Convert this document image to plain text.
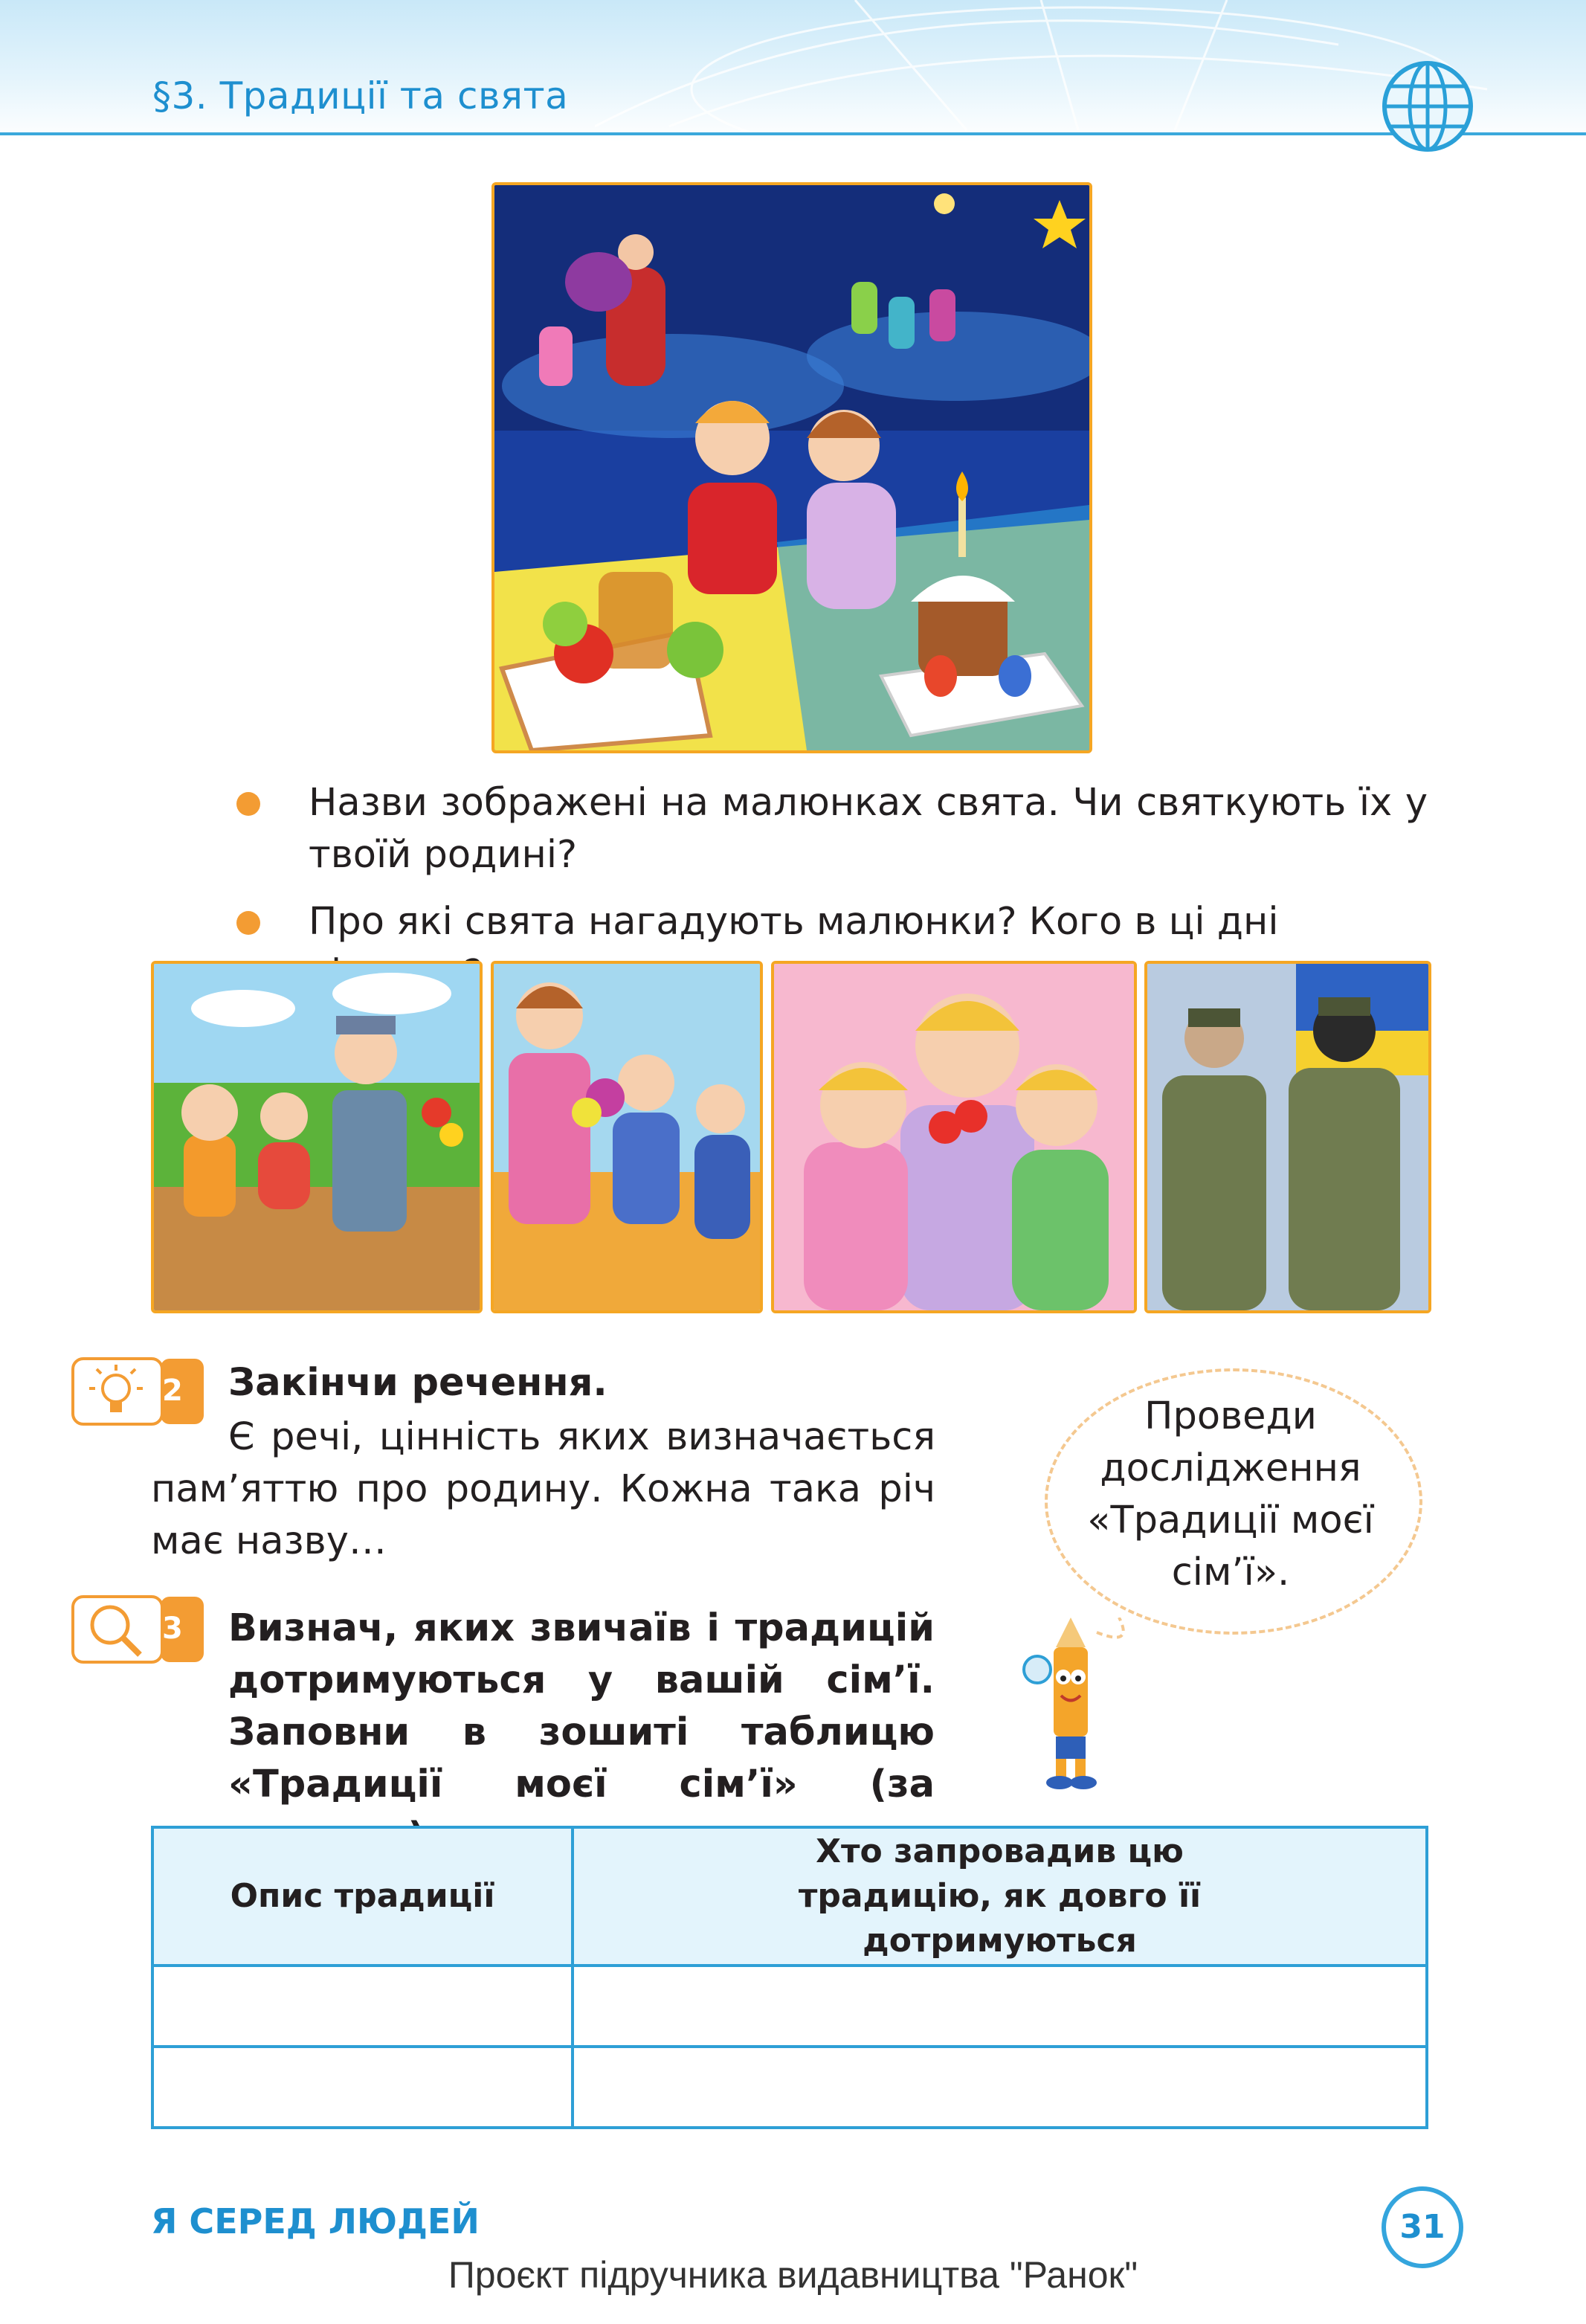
§3. Традиції та свята
Назви зображені на малюнках свята. Чи святкують їх у твоїй родині?
Про які свята нагадують малюнки? Кого в ці дні
2 Закінчи речення.
Є речі, цінність яких визначається пам’яттю про родину. Кожна така річ має назву…
3 Визнач, яких звичаїв і традицій дотримуються у вашій сім’ї. Заповни в зошиті таблицю «Традиції моєї сім’ї» (за
Проведи дослідження «Традиції моєї сім’ї».
Опис традиції	Хто запровадив цю традицію, як довго її дотримуються

Я СЕРЕД ЛЮДЕЙ	31
Проєкт підручника видавництва "Ранок"
